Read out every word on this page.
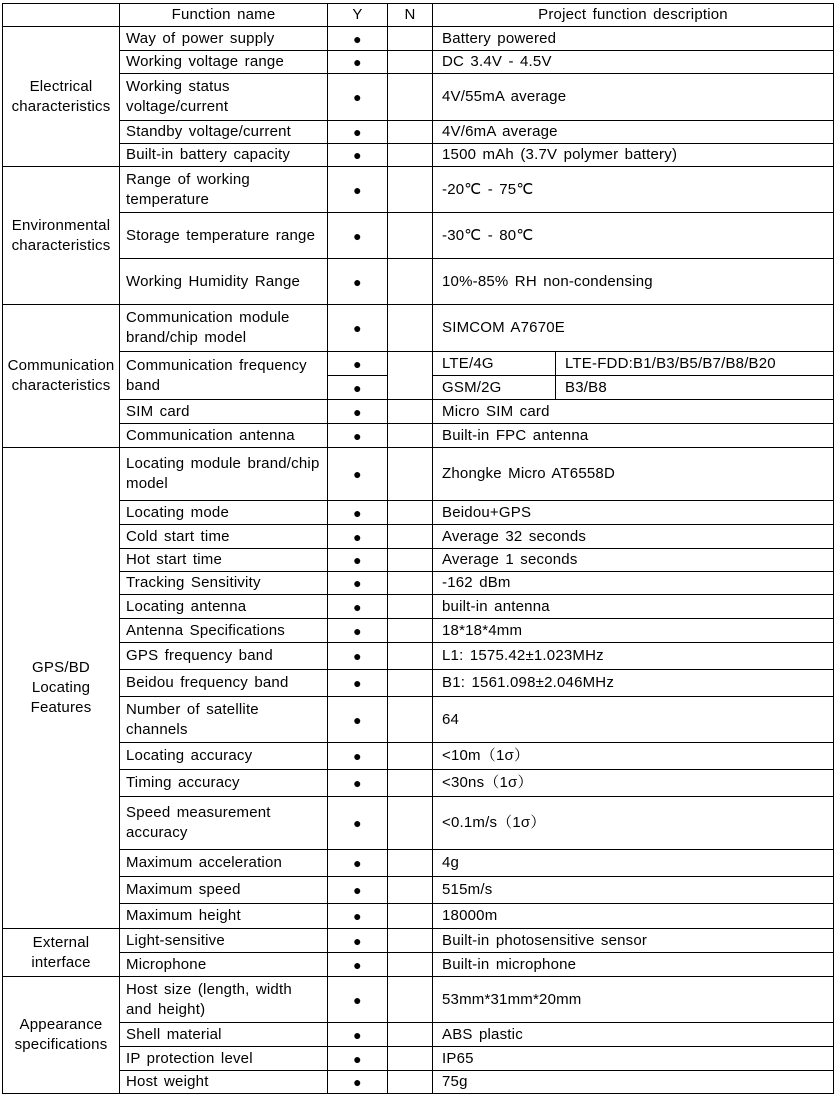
	Function name	Y	N	Project function description	
Electrical characteristics	Way of power supply	●		Battery powered	
	Working voltage range	●		DC 3.4V - 4.5V	
	Working status voltage/current	●		4V/55mA average	
	Standby voltage/current	●		4V/6mA average	
	Built-in battery capacity	●		1500 mAh (3.7V polymer battery)	
Environmental characteristics	Range of working temperature	●		-20℃ - 75℃	
	Storage temperature range	●		-30℃ - 80℃	
	Working Humidity Range	●		10%-85% RH non-condensing	
Communication characteristics	Communication module brand/chip model	●		SIMCOM A7670E	
	Communication frequency band	●		LTE/4G	LTE-FDD:B1/B3/B5/B7/B8/B20
		●		GSM/2G	B3/B8
	SIM card	●		Micro SIM card	
	Communication antenna	●		Built-in FPC antenna	
GPS/BD Locating Features	Locating module brand/chip model	●		Zhongke Micro AT6558D	
	Locating mode	●		Beidou+GPS	
	Cold start time	●		Average 32 seconds	
	Hot start time	●		Average 1 seconds	
	Tracking Sensitivity	●		-162 dBm	
	Locating antenna	●		built-in antenna	
	Antenna Specifications	●		18*18*4mm	
	GPS frequency band	●		L1: 1575.42±1.023MHz	
	Beidou frequency band	●		B1: 1561.098±2.046MHz	
	Number of satellite channels	●		64	
	Locating accuracy	●		<10m（1σ）	
	Timing accuracy	●		<30ns（1σ）	
	Speed measurement accuracy	●		<0.1m/s（1σ）	
	Maximum acceleration	●		4g	
	Maximum speed	●		515m/s	
	Maximum height	●		18000m	
External interface	Light-sensitive	●		Built-in photosensitive sensor	
	Microphone	●		Built-in microphone	
Appearance specifications	Host size (length, width and height)	●		53mm*31mm*20mm	
	Shell material	●		ABS plastic	
	IP protection level	●		IP65	
	Host weight	●		75g	
